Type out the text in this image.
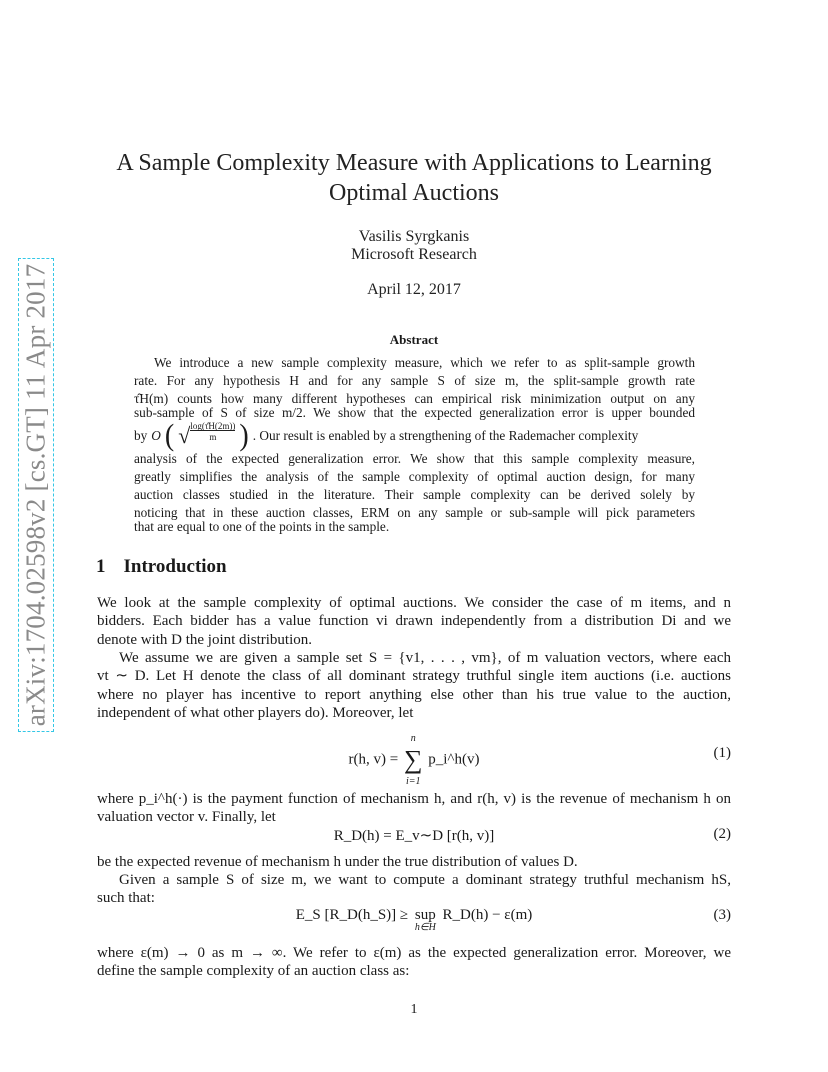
arXiv:1704.02598v2 [cs.GT] 11 Apr 2017
A Sample Complexity Measure with Applications to Learning
Optimal Auctions
Vasilis Syrgkanis
Microsoft Research
April 12, 2017
Abstract

We introduce a new sample complexity measure, which we refer to as split-sample growth

rate. For any hypothesis H and for any sample S of size m, the split-sample growth rate

τ̂H(m) counts how many different hypotheses can empirical risk minimization output on any

sub-sample of S of size m/2. We show that the expected generalization error is upper bounded

by O ( √ log(τ̂H(2m))
m ) . Our result is enabled by a strengthening of the Rademacher complexity

analysis of the expected generalization error. We show that this sample complexity measure,

greatly simplifies the analysis of the sample complexity of optimal auction design, for many

auction classes studied in the literature. Their sample complexity can be derived solely by

noticing that in these auction classes, ERM on any sample or sub-sample will pick parameters

that are equal to one of the points in the sample.

1 Introduction

We look at the sample complexity of optimal auctions. We consider the case of m items, and n

bidders. Each bidder has a value function vi drawn independently from a distribution Di and we

denote with D the joint distribution.

We assume we are given a sample set S = {v1, . . . , vm}, of m valuation vectors, where each

vt ∼ D. Let H denote the class of all dominant strategy truthful single item auctions (i.e. auctions

where no player has incentive to report anything else other than his true value to the auction,

independent of what other players do). Moreover, let

r(h, v) = ∑
n
i=1
p_i^h(v)	(1)

where p_i^h(·) is the payment function of mechanism h, and r(h, v) is the revenue of mechanism h on

valuation vector v. Finally, let

R_D(h) = E_v∼D [r(h, v)]	(2)

be the expected revenue of mechanism h under the true distribution of values D.

Given a sample S of size m, we want to compute a dominant strategy truthful mechanism hS,

such that:

E_S [R_D(h_S)] ≥ sup
h∈H
R_D(h) − ε(m)	(3)

where ε(m) → 0 as m → ∞. We refer to ε(m) as the expected generalization error. Moreover, we

define the sample complexity of an auction class as:

1
